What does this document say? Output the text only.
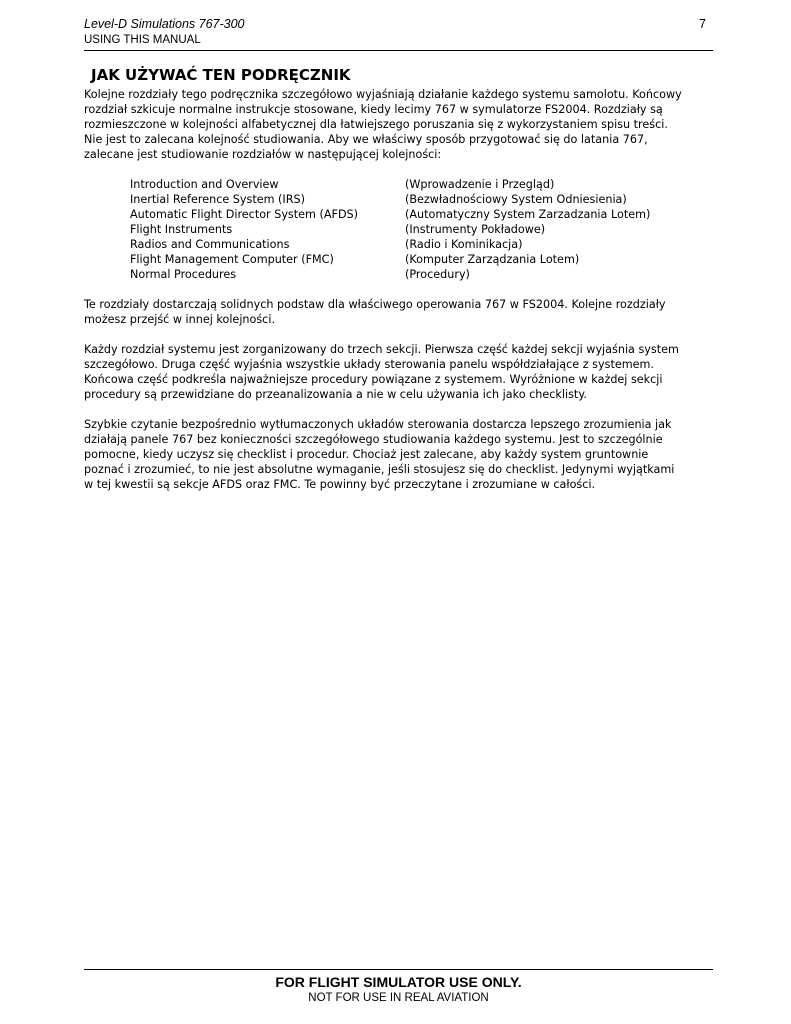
Level-D Simulations 767-300
USING THIS MANUAL
7
JAK UŻYWAĆ TEN PODRĘCZNIK

Kolejne rozdziały tego podręcznika szczegółowo wyjaśniają działanie każdego systemu samolotu. Końcowy
rozdział szkicuje normalne instrukcje stosowane, kiedy lecimy 767 w symulatorze FS2004. Rozdziały są
rozmieszczone w kolejności alfabetycznej dla łatwiejszego poruszania się z wykorzystaniem spisu treści.
Nie jest to zalecana kolejność studiowania. Aby we właściwy sposób przygotować się do latania 767,
zalecane jest studiowanie rozdziałów w następującej kolejności:

Introduction and Overview	(Wprowadzenie i Przegląd)
Inertial Reference System (IRS)	(Bezwładnościowy System Odniesienia)
Automatic Flight Director System (AFDS)	(Automatyczny System Zarzadzania Lotem)
Flight Instruments	(Instrumenty Pokładowe)
Radios and Communications	(Radio i Kominikacja)
Flight Management Computer (FMC)	(Komputer Zarządzania Lotem)
Normal Procedures	(Procedury)

Te rozdziały dostarczają solidnych podstaw dla właściwego operowania 767 w FS2004. Kolejne rozdziały
możesz przejść w innej kolejności.

Każdy rozdział systemu jest zorganizowany do trzech sekcji. Pierwsza część każdej sekcji wyjaśnia system
szczegółowo. Druga część wyjaśnia wszystkie układy sterowania panelu współdziałające z systemem.
Końcowa część podkreśla najważniejsze procedury powiązane z systemem. Wyróżnione w każdej sekcji
procedury są przewidziane do przeanalizowania a nie w celu używania ich jako checklisty.

Szybkie czytanie bezpośrednio wytłumaczonych układów sterowania dostarcza lepszego zrozumienia jak
działają panele 767 bez konieczności szczegółowego studiowania każdego systemu. Jest to szczególnie
pomocne, kiedy uczysz się checklist i procedur. Chociaż jest zalecane, aby każdy system gruntownie
poznać i zrozumieć, to nie jest absolutne wymaganie, jeśli stosujesz się do checklist. Jedynymi wyjątkami
w tej kwestii są sekcje AFDS oraz FMC. Te powinny być przeczytane i zrozumiane w całości.

FOR FLIGHT SIMULATOR USE ONLY.
NOT FOR USE IN REAL AVIATION
